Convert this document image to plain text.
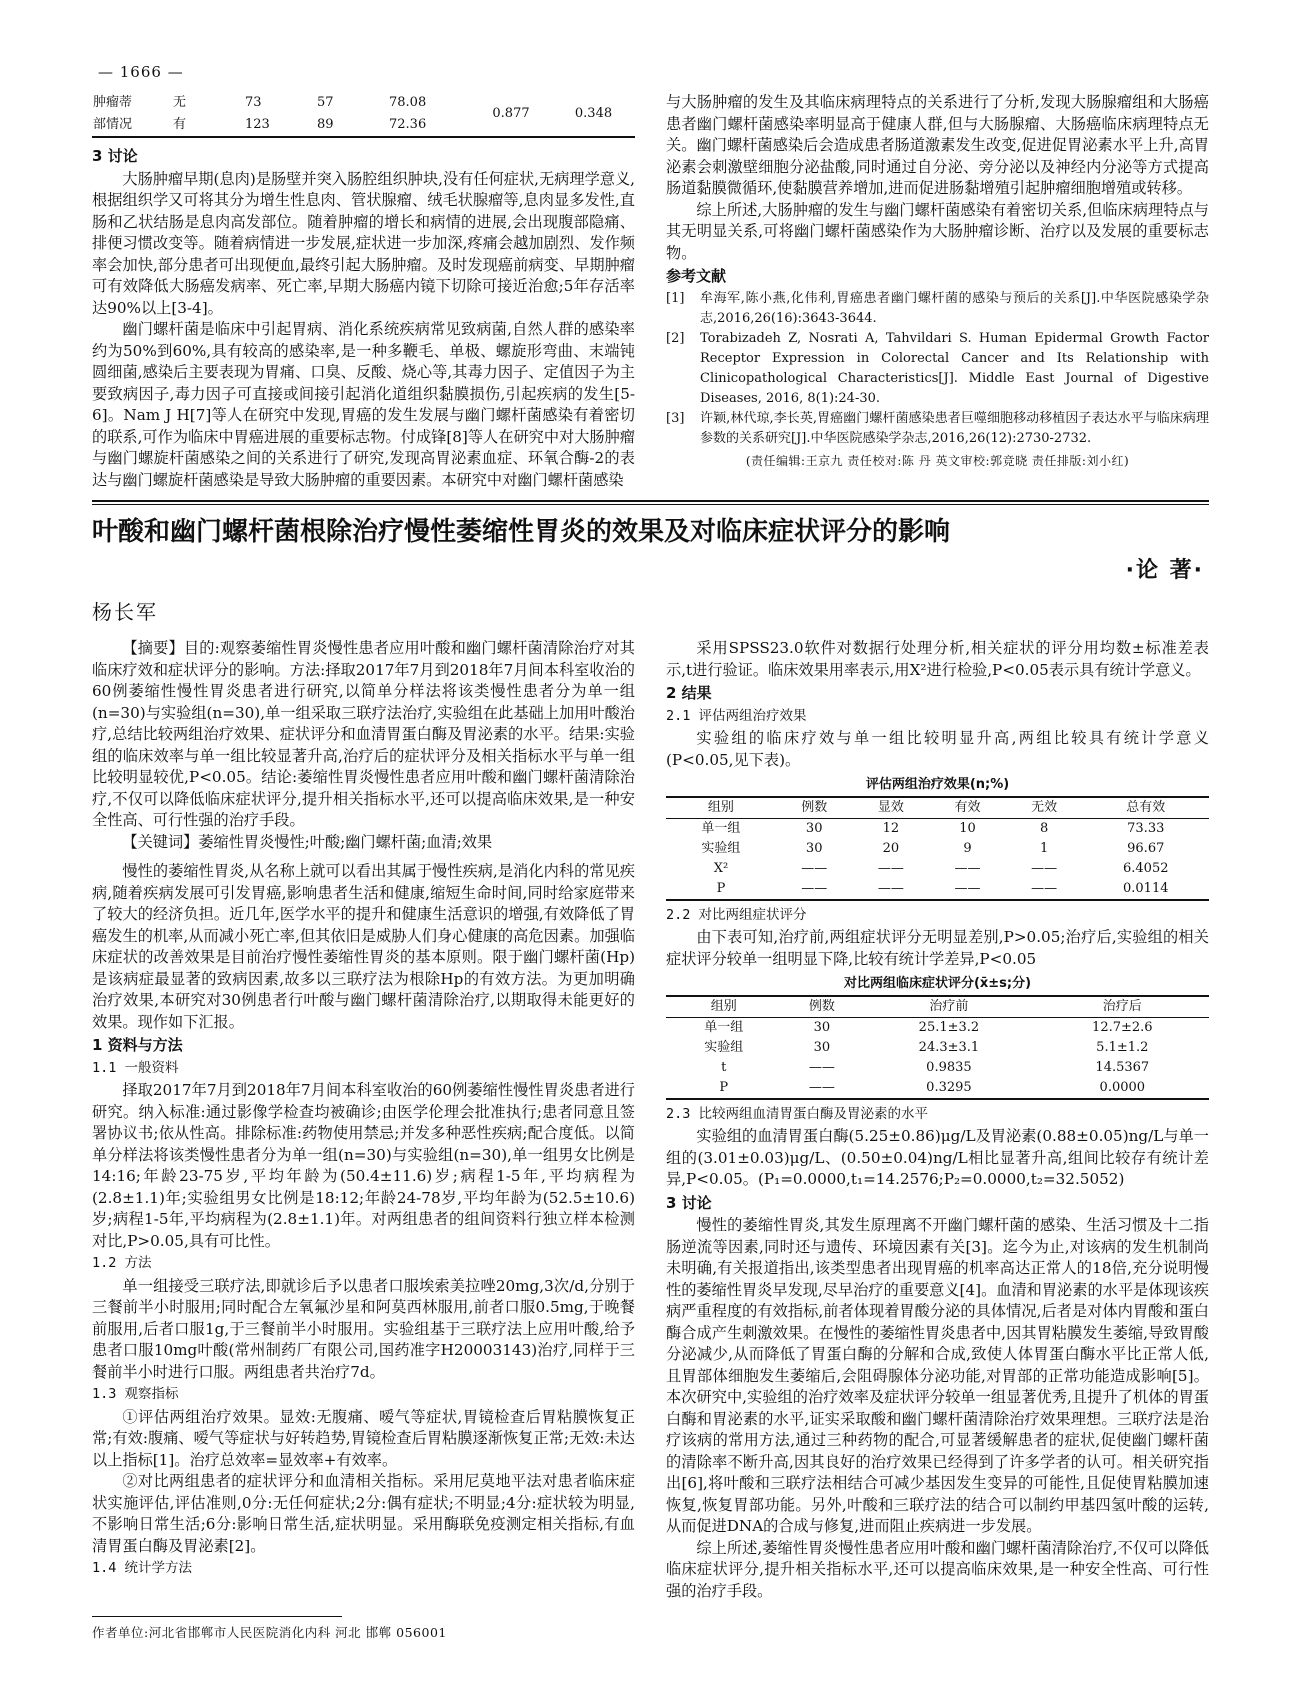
— 1666 —
肿瘤蒂	无	73	57	78.08	0.877	0.348
部情况	有	123	89	72.36		
3 讨论

大肠肿瘤早期(息肉)是肠壁并突入肠腔组织肿块,没有任何症状,无病理学意义,根据组织学又可将其分为增生性息肉、管状腺瘤、绒毛状腺瘤等,息肉显多发性,直肠和乙状结肠是息肉高发部位。随着肿瘤的增长和病情的进展,会出现腹部隐痛、排便习惯改变等。随着病情进一步发展,症状进一步加深,疼痛会越加剧烈、发作频率会加快,部分患者可出现便血,最终引起大肠肿瘤。及时发现癌前病变、早期肿瘤可有效降低大肠癌发病率、死亡率,早期大肠癌内镜下切除可接近治愈;5年存活率达90%以上[3-4]。

幽门螺杆菌是临床中引起胃病、消化系统疾病常见致病菌,自然人群的感染率约为50%到60%,具有较高的感染率,是一种多鞭毛、单极、螺旋形弯曲、末端钝圆细菌,感染后主要表现为胃痛、口臭、反酸、烧心等,其毒力因子、定值因子为主要致病因子,毒力因子可直接或间接引起消化道组织黏膜损伤,引起疾病的发生[5-6]。Nam J H[7]等人在研究中发现,胃癌的发生发展与幽门螺杆菌感染有着密切的联系,可作为临床中胃癌进展的重要标志物。付成锋[8]等人在研究中对大肠肿瘤与幽门螺旋杆菌感染之间的关系进行了研究,发现高胃泌素血症、环氧合酶-2的表达与幽门螺旋杆菌感染是导致大肠肿瘤的重要因素。本研究中对幽门螺杆菌感染

与大肠肿瘤的发生及其临床病理特点的关系进行了分析,发现大肠腺瘤组和大肠癌患者幽门螺杆菌感染率明显高于健康人群,但与大肠腺瘤、大肠癌临床病理特点无关。幽门螺杆菌感染后会造成患者肠道激素发生改变,促进促胃泌素水平上升,高胃泌素会刺激壁细胞分泌盐酸,同时通过自分泌、旁分泌以及神经内分泌等方式提高肠道黏膜微循环,使黏膜营养增加,进而促进肠黏增殖引起肿瘤细胞增殖或转移。

综上所述,大肠肿瘤的发生与幽门螺杆菌感染有着密切关系,但临床病理特点与其无明显关系,可将幽门螺杆菌感染作为大肠肿瘤诊断、治疗以及发展的重要标志物。

参考文献
[1]	牟海军,陈小燕,化伟利,胃癌患者幽门螺杆菌的感染与预后的关系[J].中华医院感染学杂志,2016,26(16):3643-3644.
[2]	Torabizadeh Z, Nosrati A, Tahvildari S. Human Epidermal Growth Factor Receptor Expression in Colorectal Cancer and Its Relationship with Clinicopathological Characteristics[J]. Middle East Journal of Digestive Diseases, 2016, 8(1):24-30.
[3]	许颖,林代琼,李长英,胃癌幽门螺杆菌感染患者巨噬细胞移动移植因子表达水平与临床病理参数的关系研究[J].中华医院感染学杂志,2016,26(12):2730-2732.
(责任编辑:王京九 责任校对:陈 丹 英文审校:郭竞晓 责任排版:刘小红)
叶酸和幽门螺杆菌根除治疗慢性萎缩性胃炎的效果及对临床症状评分的影响
·论 著·
杨长军

【摘要】目的:观察萎缩性胃炎慢性患者应用叶酸和幽门螺杆菌清除治疗对其临床疗效和症状评分的影响。方法:择取2017年7月到2018年7月间本科室收治的60例萎缩性慢性胃炎患者进行研究,以简单分样法将该类慢性患者分为单一组(n=30)与实验组(n=30),单一组采取三联疗法治疗,实验组在此基础上加用叶酸治疗,总结比较两组治疗效果、症状评分和血清胃蛋白酶及胃泌素的水平。结果:实验组的临床效率与单一组比较显著升高,治疗后的症状评分及相关指标水平与单一组比较明显较优,P<0.05。结论:萎缩性胃炎慢性患者应用叶酸和幽门螺杆菌清除治疗,不仅可以降低临床症状评分,提升相关指标水平,还可以提高临床效果,是一种安全性高、可行性强的治疗手段。

【关键词】萎缩性胃炎慢性;叶酸;幽门螺杆菌;血清;效果

慢性的萎缩性胃炎,从名称上就可以看出其属于慢性疾病,是消化内科的常见疾病,随着疾病发展可引发胃癌,影响患者生活和健康,缩短生命时间,同时给家庭带来了较大的经济负担。近几年,医学水平的提升和健康生活意识的增强,有效降低了胃癌发生的机率,从而减小死亡率,但其依旧是威胁人们身心健康的高危因素。加强临床症状的改善效果是目前治疗慢性萎缩性胃炎的基本原则。限于幽门螺杆菌(Hp)是该病症最显著的致病因素,故多以三联疗法为根除Hp的有效方法。为更加明确治疗效果,本研究对30例患者行叶酸与幽门螺杆菌清除治疗,以期取得未能更好的效果。现作如下汇报。

1 资料与方法
1.1 一般资料

择取2017年7月到2018年7月间本科室收治的60例萎缩性慢性胃炎患者进行研究。纳入标准:通过影像学检查均被确诊;由医学伦理会批准执行;患者同意且签署协议书;依从性高。排除标准:药物使用禁忌;并发多种恶性疾病;配合度低。以简单分样法将该类慢性患者分为单一组(n=30)与实验组(n=30),单一组男女比例是14:16;年龄23-75岁,平均年龄为(50.4±11.6)岁;病程1-5年,平均病程为(2.8±1.1)年;实验组男女比例是18:12;年龄24-78岁,平均年龄为(52.5±10.6)岁;病程1-5年,平均病程为(2.8±1.1)年。对两组患者的组间资料行独立样本检测对比,P>0.05,具有可比性。

1.2 方法

单一组接受三联疗法,即就诊后予以患者口服埃索美拉唑20mg,3次/d,分别于三餐前半小时服用;同时配合左氧氟沙星和阿莫西林服用,前者口服0.5mg,于晚餐前服用,后者口服1g,于三餐前半小时服用。实验组基于三联疗法上应用叶酸,给予患者口服10mg叶酸(常州制药厂有限公司,国药准字H20003143)治疗,同样于三餐前半小时进行口服。两组患者共治疗7d。

1.3 观察指标

①评估两组治疗效果。显效:无腹痛、嗳气等症状,胃镜检查后胃粘膜恢复正常;有效:腹痛、嗳气等症状与好转趋势,胃镜检查后胃粘膜逐渐恢复正常;无效:未达以上指标[1]。治疗总效率=显效率+有效率。

②对比两组患者的症状评分和血清相关指标。采用尼莫地平法对患者临床症状实施评估,评估准则,0分:无任何症状;2分:偶有症状;不明显;4分:症状较为明显,不影响日常生活;6分:影响日常生活,症状明显。采用酶联免疫测定相关指标,有血清胃蛋白酶及胃泌素[2]。

1.4 统计学方法

采用SPSS23.0软件对数据行处理分析,相关症状的评分用均数±标准差表示,t进行验证。临床效果用率表示,用X²进行检验,P<0.05表示具有统计学意义。

2 结果
2.1 评估两组治疗效果

实验组的临床疗效与单一组比较明显升高,两组比较具有统计学意义(P<0.05,见下表)。

评估两组治疗效果(n;%)
组别	例数	显效	有效	无效	总有效
单一组	30	12	10	8	73.33
实验组	30	20	9	1	96.67
X²	——	——	——	——	6.4052
P	——	——	——	——	0.0114
2.2 对比两组症状评分

由下表可知,治疗前,两组症状评分无明显差别,P>0.05;治疗后,实验组的相关症状评分较单一组明显下降,比较有统计学差异,P<0.05

对比两组临床症状评分(x̄±s;分)
组别	例数	治疗前	治疗后
单一组	30	25.1±3.2	12.7±2.6
实验组	30	24.3±3.1	5.1±1.2
t	——	0.9835	14.5367
P	——	0.3295	0.0000
2.3 比较两组血清胃蛋白酶及胃泌素的水平

实验组的血清胃蛋白酶(5.25±0.86)μg/L及胃泌素(0.88±0.05)ng/L与单一组的(3.01±0.03)μg/L、(0.50±0.04)ng/L相比显著升高,组间比较存有统计差异,P<0.05。(P₁=0.0000,t₁=14.2576;P₂=0.0000,t₂=32.5052)

3 讨论

慢性的萎缩性胃炎,其发生原理离不开幽门螺杆菌的感染、生活习惯及十二指肠逆流等因素,同时还与遗传、环境因素有关[3]。迄今为止,对该病的发生机制尚未明确,有关报道指出,该类型患者出现胃癌的机率高达正常人的18倍,充分说明慢性的萎缩性胃炎早发现,尽早治疗的重要意义[4]。血清和胃泌素的水平是体现该疾病严重程度的有效指标,前者体现着胃酸分泌的具体情况,后者是对体内胃酸和蛋白酶合成产生刺激效果。在慢性的萎缩性胃炎患者中,因其胃粘膜发生萎缩,导致胃酸分泌减少,从而降低了胃蛋白酶的分解和合成,致使人体胃蛋白酶水平比正常人低,且胃部体细胞发生萎缩后,会阻碍腺体分泌功能,对胃部的正常功能造成影响[5]。本次研究中,实验组的治疗效率及症状评分较单一组显著优秀,且提升了机体的胃蛋白酶和胃泌素的水平,证实采取酸和幽门螺杆菌清除治疗效果理想。三联疗法是治疗该病的常用方法,通过三种药物的配合,可显著缓解患者的症状,促使幽门螺杆菌的清除率不断升高,因其良好的治疗效果已经得到了许多学者的认可。相关研究指出[6],将叶酸和三联疗法相结合可减少基因发生变异的可能性,且促使胃粘膜加速恢复,恢复胃部功能。另外,叶酸和三联疗法的结合可以制约甲基四氢叶酸的运转,从而促进DNA的合成与修复,进而阻止疾病进一步发展。

综上所述,萎缩性胃炎慢性患者应用叶酸和幽门螺杆菌清除治疗,不仅可以降低临床症状评分,提升相关指标水平,还可以提高临床效果,是一种安全性高、可行性强的治疗手段。

作者单位:河北省邯郸市人民医院消化内科 河北 邯郸 056001
